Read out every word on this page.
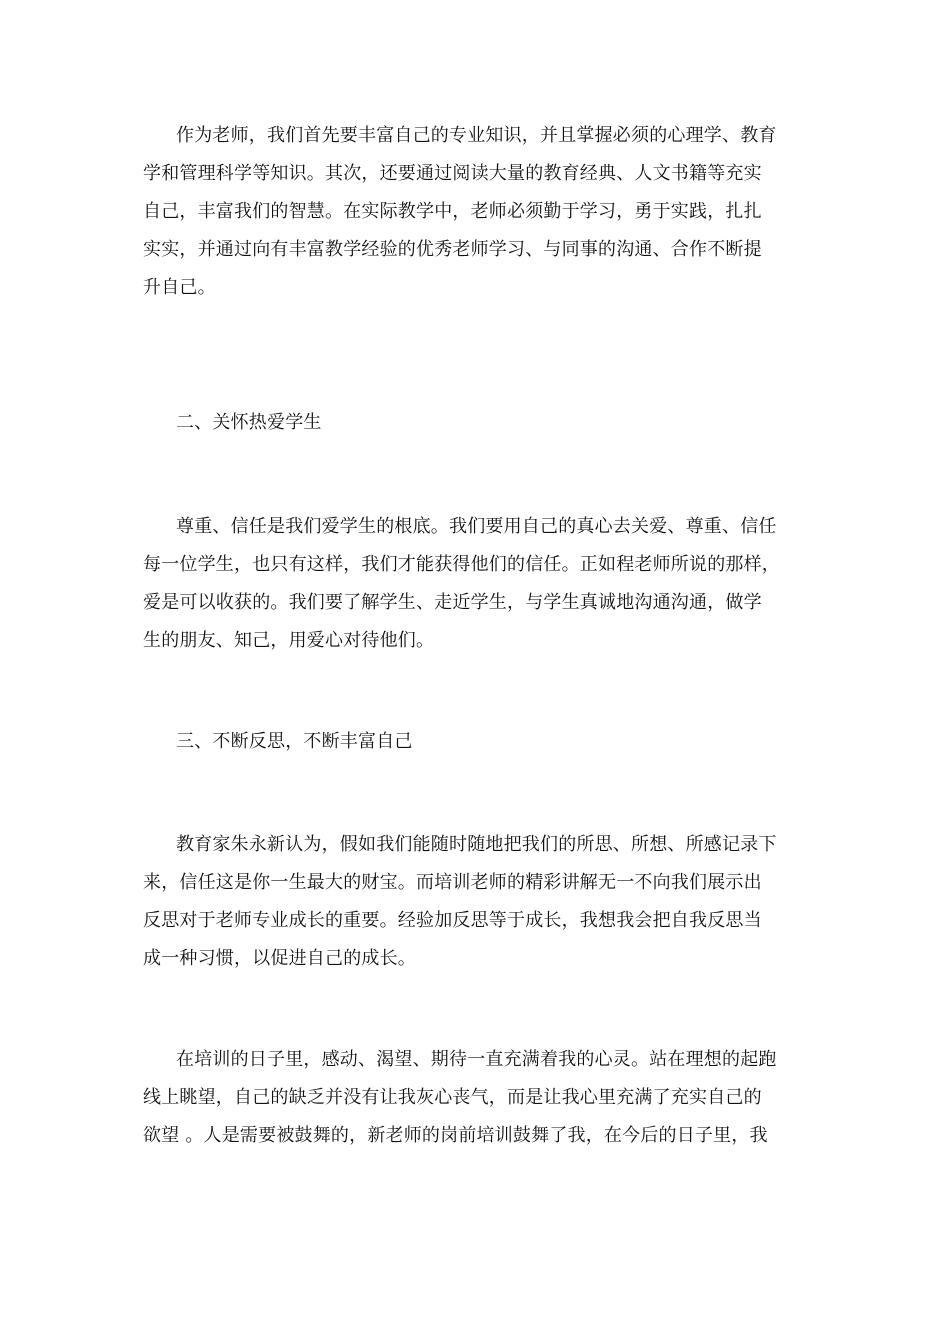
作为老师，我们首先要丰富自己的专业知识，并且掌握必须的心理学、教育
学和管理科学等知识。其次，还要通过阅读大量的教育经典、人文书籍等充实
自己，丰富我们的智慧。在实际教学中，老师必须勤于学习，勇于实践，扎扎
实实，并通过向有丰富教学经验的优秀老师学习、与同事的沟通、合作不断提
升自己。

二、关怀热爱学生

尊重、信任是我们爱学生的根底。我们要用自己的真心去关爱、尊重、信任
每一位学生，也只有这样，我们才能获得他们的信任。正如程老师所说的那样，
爱是可以收获的。我们要了解学生、走近学生，与学生真诚地沟通沟通，做学
生的朋友、知己，用爱心对待他们。

三、不断反思，不断丰富自己

教育家朱永新认为，假如我们能随时随地把我们的所思、所想、所感记录下
来，信任这是你一生最大的财宝。而培训老师的精彩讲解无一不向我们展示出
反思对于老师专业成长的重要。经验加反思等于成长，我想我会把自我反思当
成一种习惯，以促进自己的成长。
在培训的日子里，感动、渴望、期待一直充满着我的心灵。站在理想的起跑
线上眺望，自己的缺乏并没有让我灰心丧气，而是让我心里充满了充实自己的
欲望 。人是需要被鼓舞的，新老师的岗前培训鼓舞了我，在今后的日子里，我
